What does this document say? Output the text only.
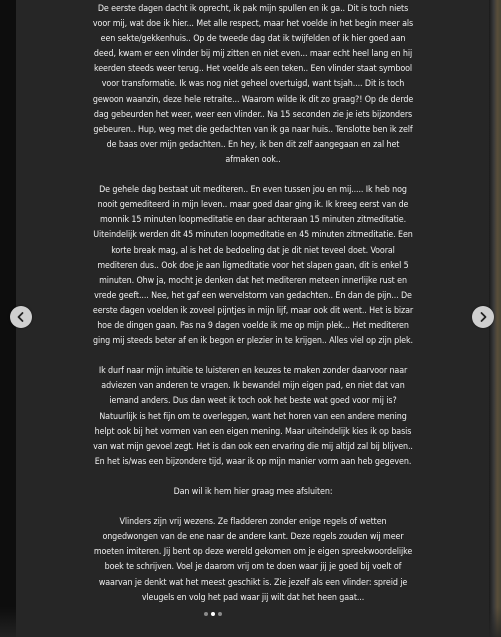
De eerste dagen dacht ik oprecht, ik pak mijn spullen en ik ga.. Dit is toch niets voor mij, wat doe ik hier... Met alle respect, maar het voelde in het begin meer als een sekte/gekkenhuis.. Op de tweede dag dat ik twijfelden of ik hier goed aan deed, kwam er een vlinder bij mij zitten en niet even... maar echt heel lang en hij keerden steeds weer terug.. Het voelde als een teken.. Een vlinder staat symbool voor transformatie. Ik was nog niet geheel overtuigd, want tsjah.... Dit is toch gewoon waanzin, deze hele retraite... Waarom wilde ik dit zo graag?! Op de derde dag gebeurden het weer, weer een vlinder.. Na 15 seconden zie je iets bijzonders gebeuren.. Hup, weg met die gedachten van ik ga naar huis.. Tenslotte ben ik zelf de baas over mijn gedachten.. En hey, ik ben dit zelf aangegaan en zal het afmaken ook..

De gehele dag bestaat uit mediteren.. En even tussen jou en mij..... Ik heb nog nooit gemediteerd in mijn leven.. maar goed daar ging ik. Ik kreeg eerst van de monnik 15 minuten loopmeditatie en daar achteraan 15 minuten zitmeditatie. Uiteindelijk werden dit 45 minuten loopmeditatie en 45 minuten zitmeditatie. Een korte break mag, al is het de bedoeling dat je dit niet teveel doet. Vooral mediteren dus.. Ook doe je aan ligmeditatie voor het slapen gaan, dit is enkel 5 minuten. Ohw ja, mocht je denken dat het mediteren meteen innerlijke rust en vrede geeft.... Nee, het gaf een wervelstorm van gedachten.. En dan de pijn... De eerste dagen voelden ik zoveel pijntjes in mijn lijf, maar ook dit went.. Het is bizar hoe de dingen gaan. Pas na 9 dagen voelde ik me op mijn plek... Het mediteren ging mij steeds beter af en ik begon er plezier in te krijgen.. Alles viel op zijn plek.

Ik durf naar mijn intuïtie te luisteren en keuzes te maken zonder daarvoor naar adviezen van anderen te vragen. Ik bewandel mijn eigen pad, en niet dat van iemand anders. Dus dan weet ik toch ook het beste wat goed voor mij is? Natuurlijk is het fijn om te overleggen, want het horen van een andere mening helpt ook bij het vormen van een eigen mening. Maar uiteindelijk kies ik op basis van wat mijn gevoel zegt. Het is dan ook een ervaring die mij altijd zal bij blijven.. En het is/was een bijzondere tijd, waar ik op mijn manier vorm aan heb gegeven.

Dan wil ik hem hier graag mee afsluiten:

Vlinders zijn vrij wezens. Ze fladderen zonder enige regels of wetten ongedwongen van de ene naar de andere kant. Deze regels zouden wij meer moeten imiteren. Jij bent op deze wereld gekomen om je eigen spreekwoordelijke boek te schrijven. Voel je daarom vrij om te doen waar jij je goed bij voelt of waarvan je denkt wat het meest geschikt is. Zie jezelf als een vlinder: spreid je vleugels en volg het pad waar jij wilt dat het heen gaat...
